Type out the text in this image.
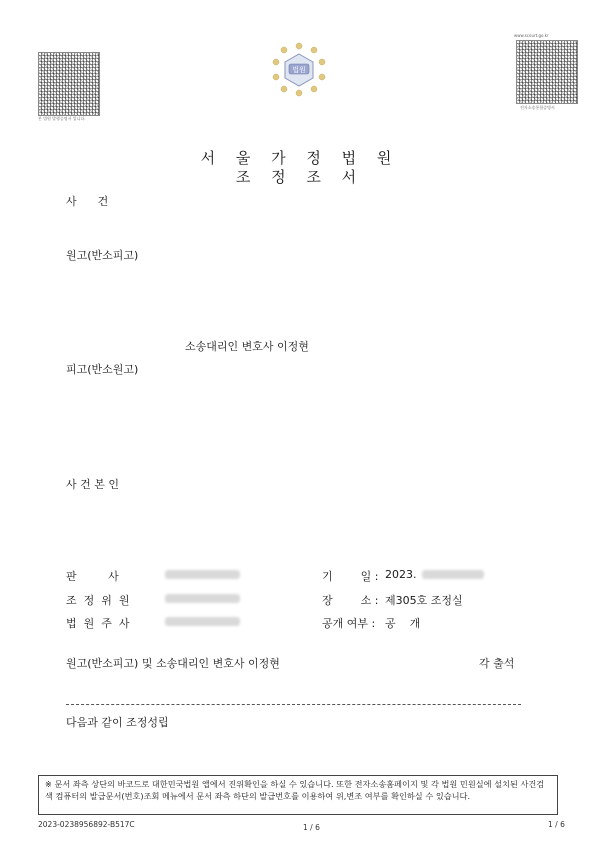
본 법원 발행증명서 입니다.
www.scourt.go.kr
전자소송통합증명서
법원
서 울 가 정 법 원
조 정 조 서
사      건
원고(반소피고)
소송대리인 변호사 이정현
피고(반소원고)
사 건 본 인
판         사
조  정  위  원
법  원  주  사
기        일 : 2023.
장        소 : 제305호 조정실
공개 여부 : 공    개
원고(반소피고) 및 소송대리인 변호사 이정현	각 출석
다음과 같이 조정성립
※ 문서 좌측 상단의 바코드로 대한민국법원 앱에서 진위확인을 하실 수 있습니다. 또한 전자소송홈페이지 및 각 법원 민원실에 설치된 사건검색 컴퓨터의 발급문서(번호)조회 메뉴에서 문서 좌측 하단의 발급번호를 이용하여 위,변조 여부를 확인하실 수 있습니다.
2023-0238956892-B517C	1 / 6	1 / 6
